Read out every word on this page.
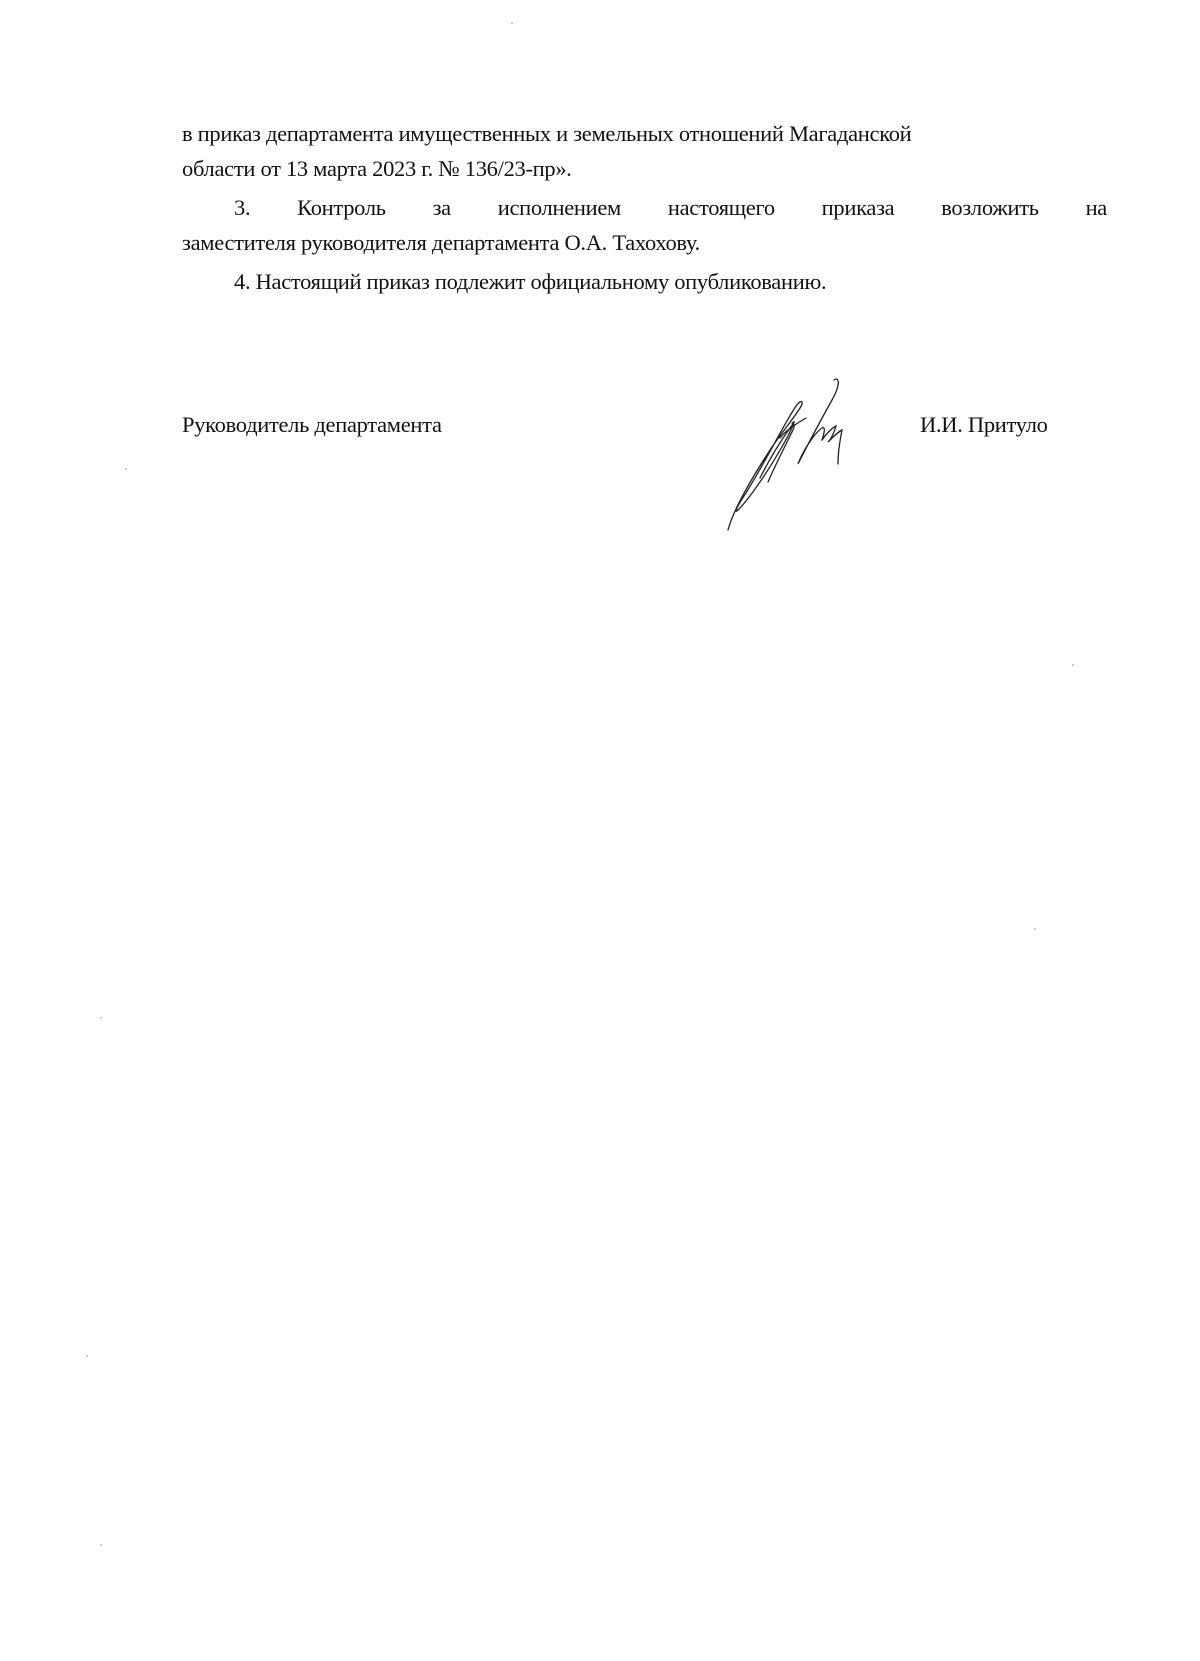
в приказ департамента имущественных и земельных отношений Магаданской
области от 13 марта 2023 г. № 136/23-пр».
3. Контроль за исполнением настоящего приказа возложить на
заместителя руководителя департамента О.А. Тахохову.
4. Настоящий приказ подлежит официальному опубликованию.
Руководитель департамента	И.И. Притуло
